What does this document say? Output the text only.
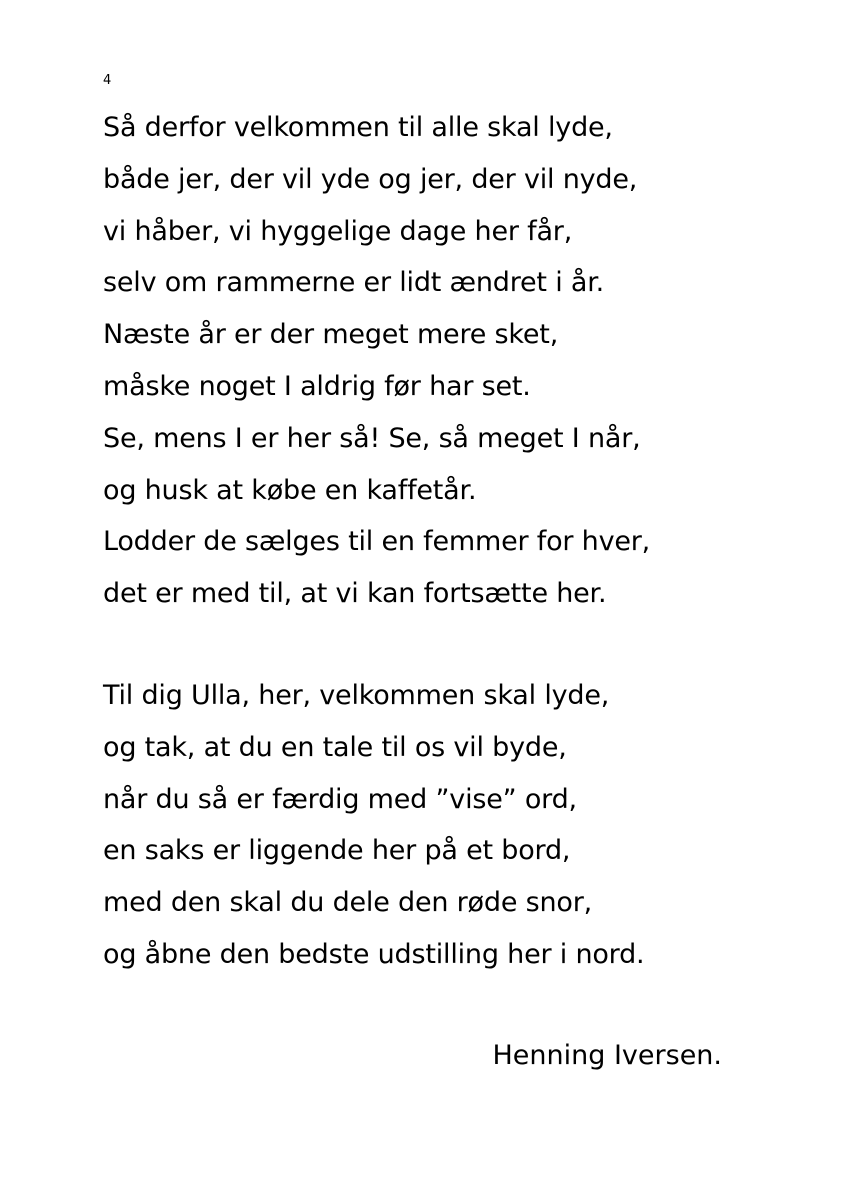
4
Så derfor velkommen til alle skal lyde,
både jer, der vil yde og jer, der vil nyde,
vi håber, vi hyggelige dage her får,
selv om rammerne er lidt ændret i år.
Næste år er der meget mere sket,
måske noget I aldrig før har set.
Se, mens I er her så! Se, så meget I når,
og husk at købe en kaffetår.
Lodder de sælges til en femmer for hver,
det er med til, at vi kan fortsætte her.
Til dig Ulla, her, velkommen skal lyde,
og tak, at du en tale til os vil byde,
når du så er færdig med ”vise” ord,
en saks er liggende her på et bord,
med den skal du dele den røde snor,
og åbne den bedste udstilling her i nord.
Henning Iversen.
